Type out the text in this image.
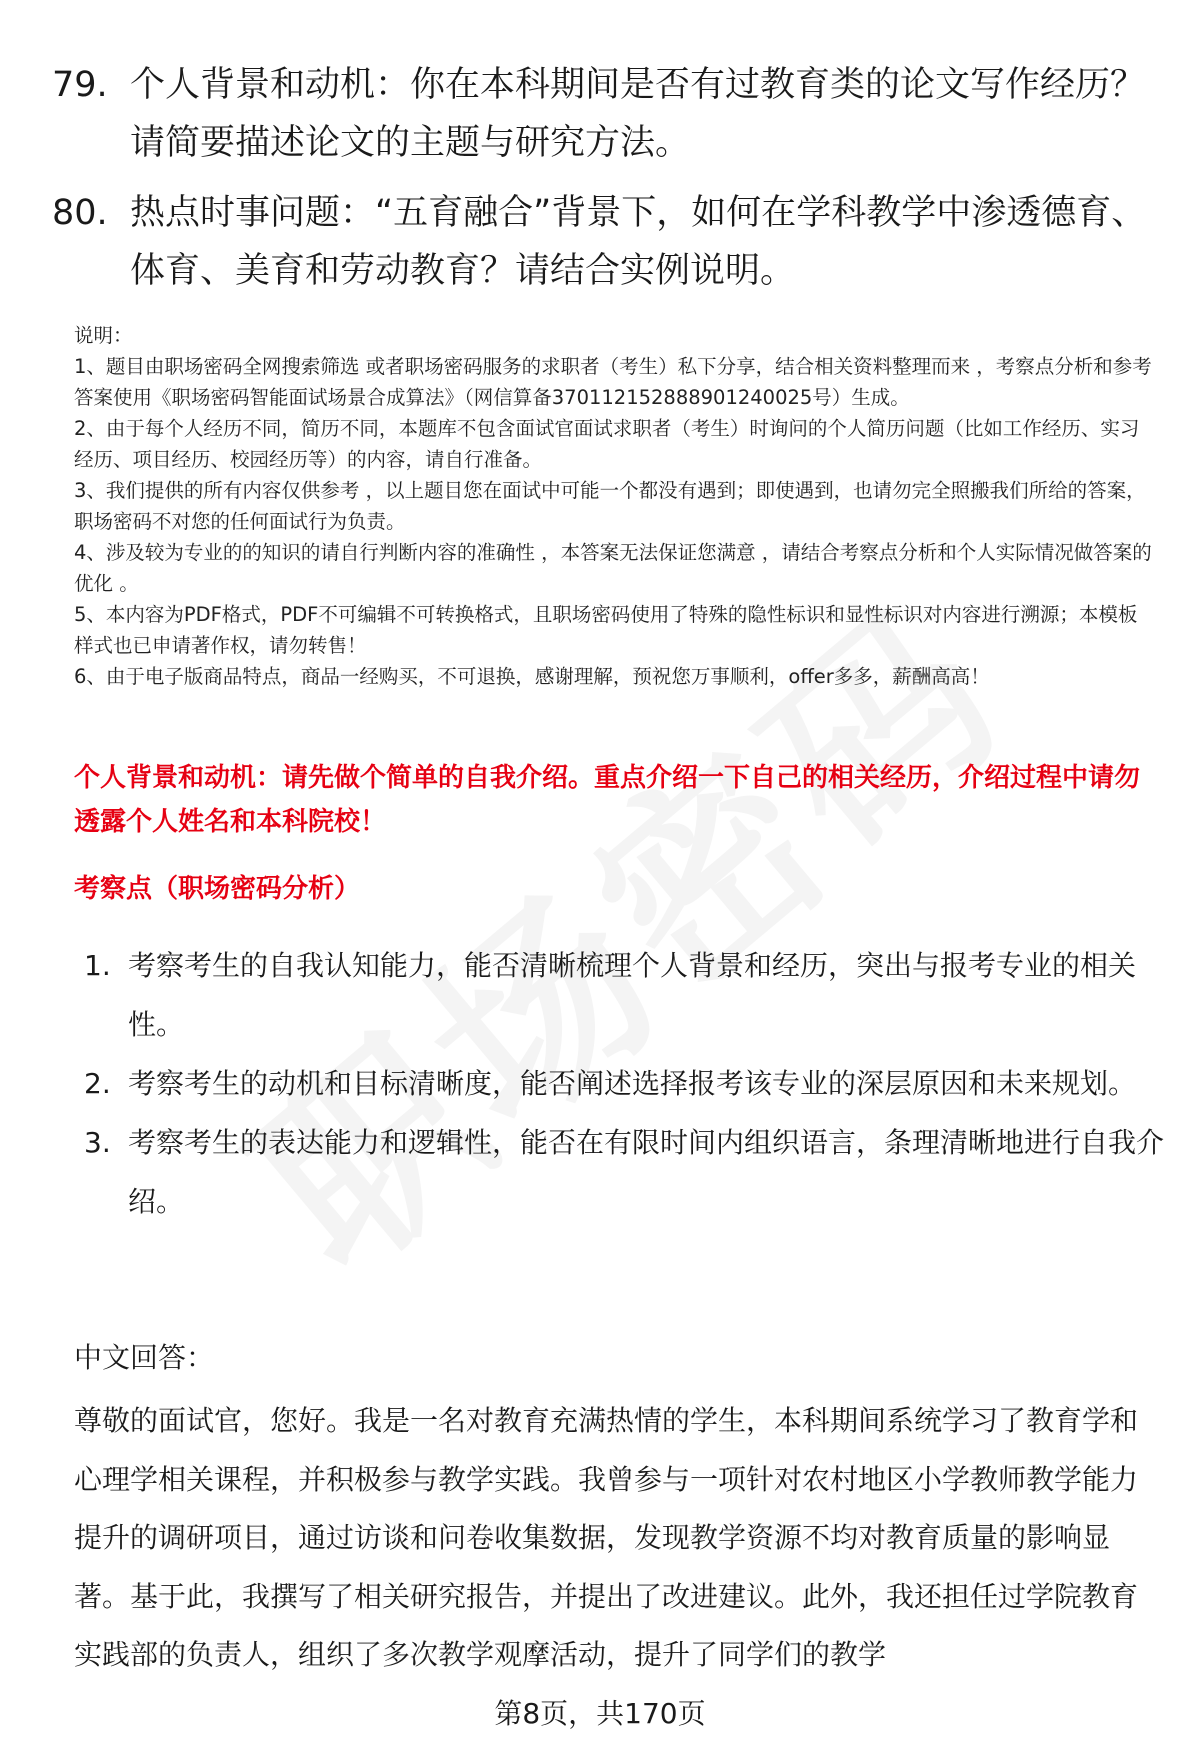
79. 个人背景和动机：你在本科期间是否有过教育类的论文写作经历？请简要描述论文的主题与研究方法。
80. 热点时事问题：“五育融合”背景下，如何在学科教学中渗透德育、体育、美育和劳动教育？请结合实例说明。

说明：

1、题目由职场密码全网搜索筛选 或者职场密码服务的求职者（考生）私下分享，结合相关资料整理而来 ，考察点分析和参考答案使用《职场密码智能面试场景合成算法》（网信算备370112152888901240025号）生成。

2、由于每个人经历不同，简历不同，本题库不包含面试官面试求职者（考生）时询问的个人简历问题（比如工作经历、实习经历、项目经历、校园经历等）的内容，请自行准备。

3、我们提供的所有内容仅供参考 ，以上题目您在面试中可能一个都没有遇到；即使遇到，也请勿完全照搬我们所给的答案，职场密码不对您的任何面试行为负责。

4、涉及较为专业的的知识的请自行判断内容的准确性 ，本答案无法保证您满意 ，请结合考察点分析和个人实际情况做答案的优化 。

5、本内容为PDF格式，PDF不可编辑不可转换格式，且职场密码使用了特殊的隐性标识和显性标识对内容进行溯源；本模板样式也已申请著作权，请勿转售！

6、由于电子版商品特点，商品一经购买，不可退换，感谢理解，预祝您万事顺利，offer多多，薪酬高高！

个人背景和动机：请先做个简单的自我介绍。重点介绍一下自己的相关经历，介绍过程中请勿透露个人姓名和本科院校！
考察点（职场密码分析）
1. 考察考生的自我认知能力，能否清晰梳理个人背景和经历，突出与报考专业的相关性。
2. 考察考生的动机和目标清晰度，能否阐述选择报考该专业的深层原因和未来规划。
3. 考察考生的表达能力和逻辑性，能否在有限时间内组织语言，条理清晰地进行自我介绍。
中文回答：
尊敬的面试官，您好。我是一名对教育充满热情的学生，本科期间系统学习了教育学和心理学相关课程，并积极参与教学实践。我曾参与一项针对农村地区小学教师教学能力提升的调研项目，通过访谈和问卷收集数据，发现教学资源不均对教育质量的影响显著。基于此，我撰写了相关研究报告，并提出了改进建议。此外，我还担任过学院教育实践部的负责人，组织了多次教学观摩活动，提升了同学们的教学
第8页，共170页
